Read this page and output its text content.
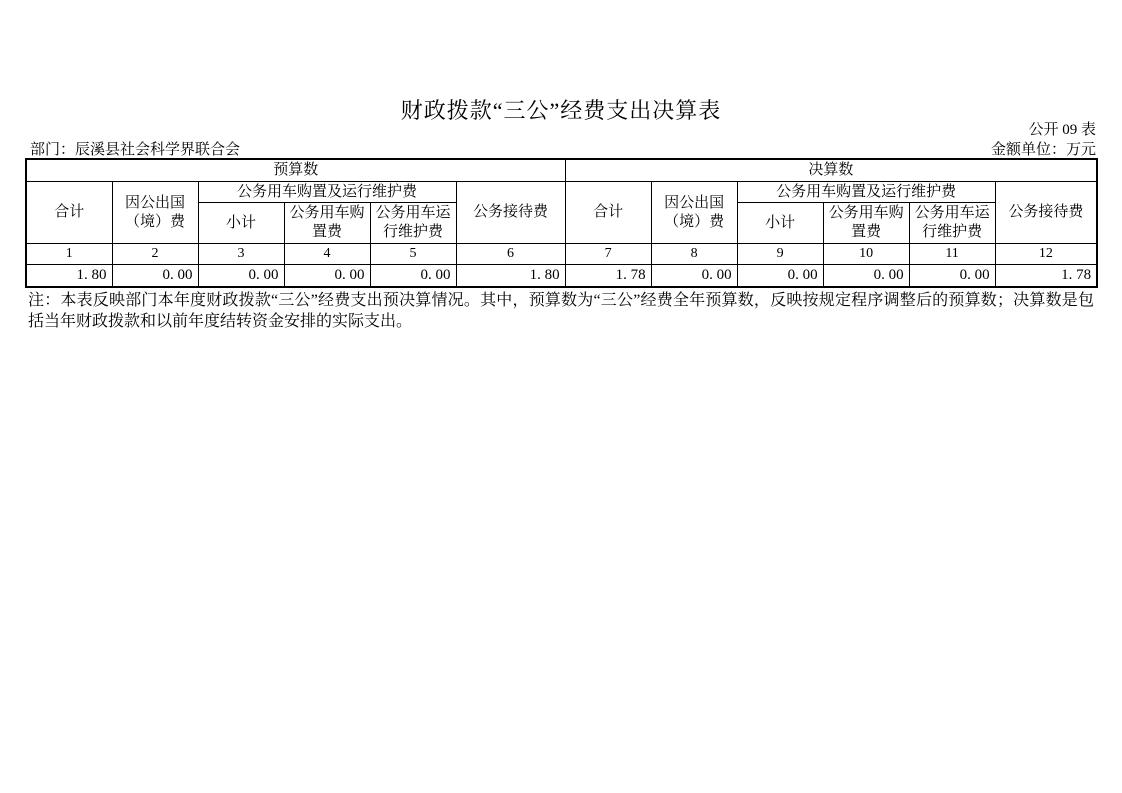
财政拨款“三公”经费支出决算表
公开 09 表
部门：辰溪县社会科学界联合会	金额单位：万元
预算数						决算数					
合计	因公出国（境）费	公务用车购置及运行维护费			公务接待费	合计	因公出国（境）费	公务用车购置及运行维护费			公务接待费
		小计	公务用车购置费	公务用车运行维护费				小计	公务用车购置费	公务用车运行维护费	
1	2	3	4	5	6	7	8	9	10	11	12
1. 80	0. 00	0. 00	0. 00	0. 00	1. 80	1. 78	0. 00	0. 00	0. 00	0. 00	1. 78
注：本表反映部门本年度财政拨款“三公”经费支出预决算情况。其中，预算数为“三公”经费全年预算数，反映按规定程序调整后的预算数；决算数是包括当年财政拨款和以前年度结转资金安排的实际支出。
